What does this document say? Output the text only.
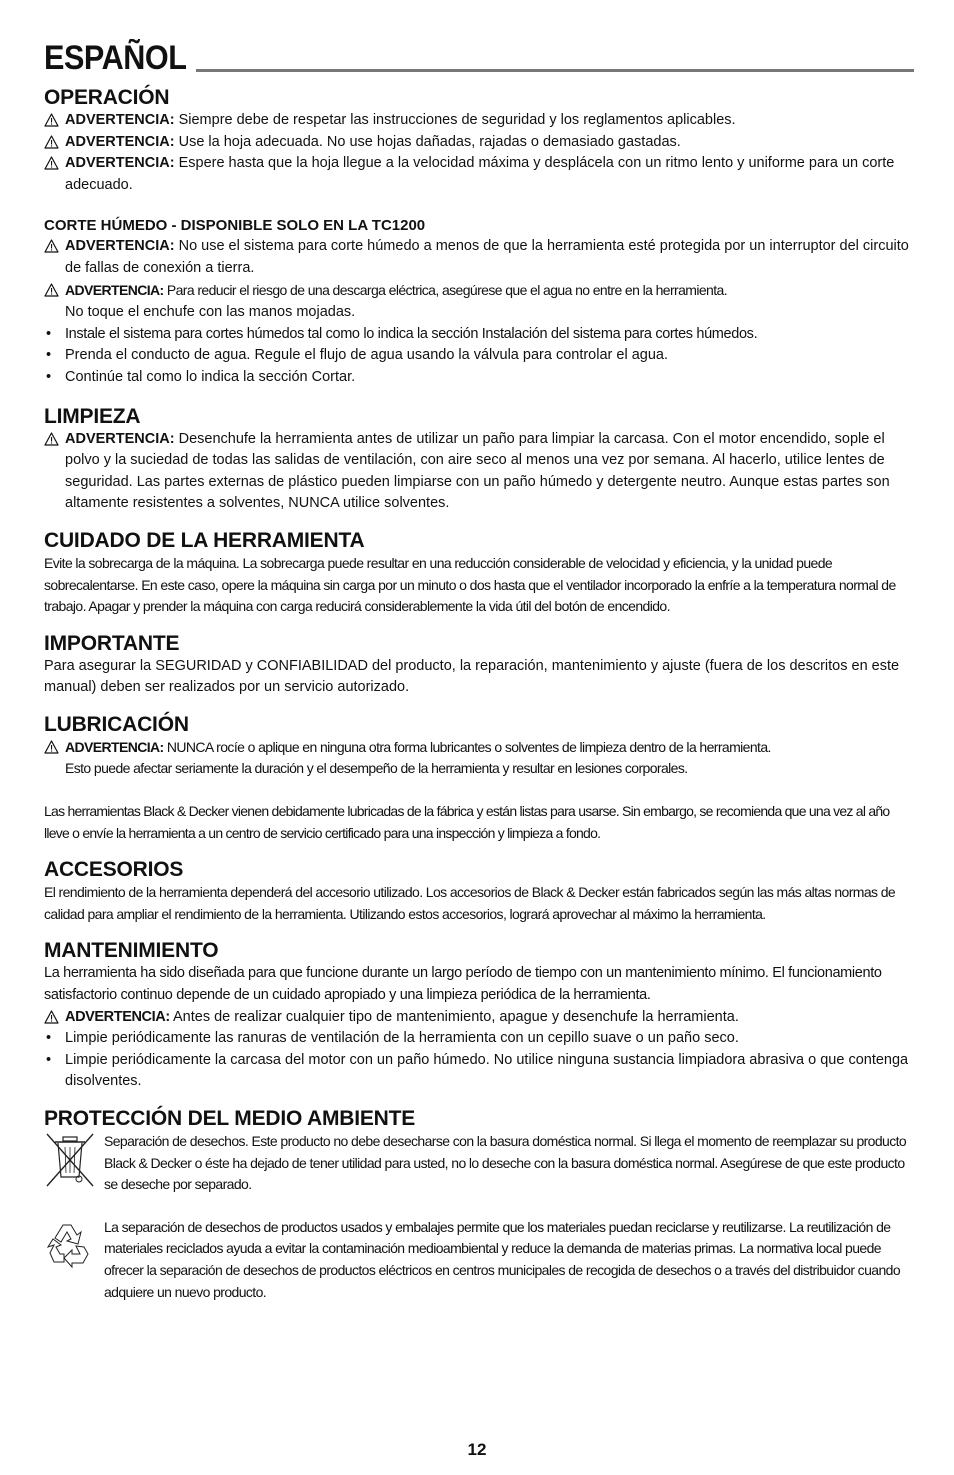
ESPAÑOL
OPERACIÓN
ADVERTENCIA: Siempre debe de respetar las instrucciones de seguridad y los reglamentos aplicables.
ADVERTENCIA: Use la hoja adecuada. No use hojas dañadas, rajadas o demasiado gastadas.
ADVERTENCIA: Espere hasta que la hoja llegue a la velocidad máxima y desplácela con un ritmo lento y uniforme para un corte adecuado.
CORTE HÚMEDO - DISPONIBLE SOLO EN LA TC1200
ADVERTENCIA: No use el sistema para corte húmedo a menos de que la herramienta esté protegida por un interruptor del circuito de fallas de conexión a tierra.
ADVERTENCIA: Para reducir el riesgo de una descarga eléctrica, asegúrese que el agua no entre en la herramienta.
No toque el enchufe con las manos mojadas.
• Instale el sistema para cortes húmedos tal como lo indica la sección Instalación del sistema para cortes húmedos.
• Prenda el conducto de agua. Regule el flujo de agua usando la válvula para controlar el agua.
• Continúe tal como lo indica la sección Cortar.
LIMPIEZA
ADVERTENCIA: Desenchufe la herramienta antes de utilizar un paño para limpiar la carcasa. Con el motor encendido, sople el polvo y la suciedad de todas las salidas de ventilación, con aire seco al menos una vez por semana. Al hacerlo, utilice lentes de seguridad. Las partes externas de plástico pueden limpiarse con un paño húmedo y detergente neutro. Aunque estas partes son altamente resistentes a solventes, NUNCA utilice solventes.
CUIDADO DE LA HERRAMIENTA

Evite la sobrecarga de la máquina. La sobrecarga puede resultar en una reducción considerable de velocidad y eficiencia, y la unidad puede sobrecalentarse. En este caso, opere la máquina sin carga por un minuto o dos hasta que el ventilador incorporado la enfríe a la temperatura normal de trabajo. Apagar y prender la máquina con carga reducirá considerablemente la vida útil del botón de encendido.

IMPORTANTE

Para asegurar la SEGURIDAD y CONFIABILIDAD del producto, la reparación, mantenimiento y ajuste (fuera de los descritos en este manual) deben ser realizados por un servicio autorizado.

LUBRICACIÓN
ADVERTENCIA: NUNCA rocíe o aplique en ninguna otra forma lubricantes o solventes de limpieza dentro de la herramienta.
Esto puede afectar seriamente la duración y el desempeño de la herramienta y resultar en lesiones corporales.

Las herramientas Black & Decker vienen debidamente lubricadas de la fábrica y están listas para usarse. Sin embargo, se recomienda que una vez al año lleve o envíe la herramienta a un centro de servicio certificado para una inspección y limpieza a fondo.

ACCESORIOS

El rendimiento de la herramienta dependerá del accesorio utilizado. Los accesorios de Black & Decker están fabricados según las más altas normas de calidad para ampliar el rendimiento de la herramienta. Utilizando estos accesorios, logrará aprovechar al máximo la herramienta.

MANTENIMIENTO

La herramienta ha sido diseñada para que funcione durante un largo período de tiempo con un mantenimiento mínimo. El funcionamiento satisfactorio continuo depende de un cuidado apropiado y una limpieza periódica de la herramienta.

ADVERTENCIA: Antes de realizar cualquier tipo de mantenimiento, apague y desenchufe la herramienta.
• Limpie periódicamente las ranuras de ventilación de la herramienta con un cepillo suave o un paño seco.
• Limpie periódicamente la carcasa del motor con un paño húmedo. No utilice ninguna sustancia limpiadora abrasiva o que contenga disolventes.
PROTECCIÓN DEL MEDIO AMBIENTE

Separación de desechos. Este producto no debe desecharse con la basura doméstica normal. Si llega el momento de reemplazar su producto Black & Decker o éste ha dejado de tener utilidad para usted, no lo deseche con la basura doméstica normal. Asegúrese de que este producto se deseche por separado.

La separación de desechos de productos usados y embalajes permite que los materiales puedan reciclarse y reutilizarse. La reutilización de materiales reciclados ayuda a evitar la contaminación medioambiental y reduce la demanda de materias primas. La normativa local puede ofrecer la separación de desechos de productos eléctricos en centros municipales de recogida de desechos o a través del distribuidor cuando adquiere un nuevo producto.

12
